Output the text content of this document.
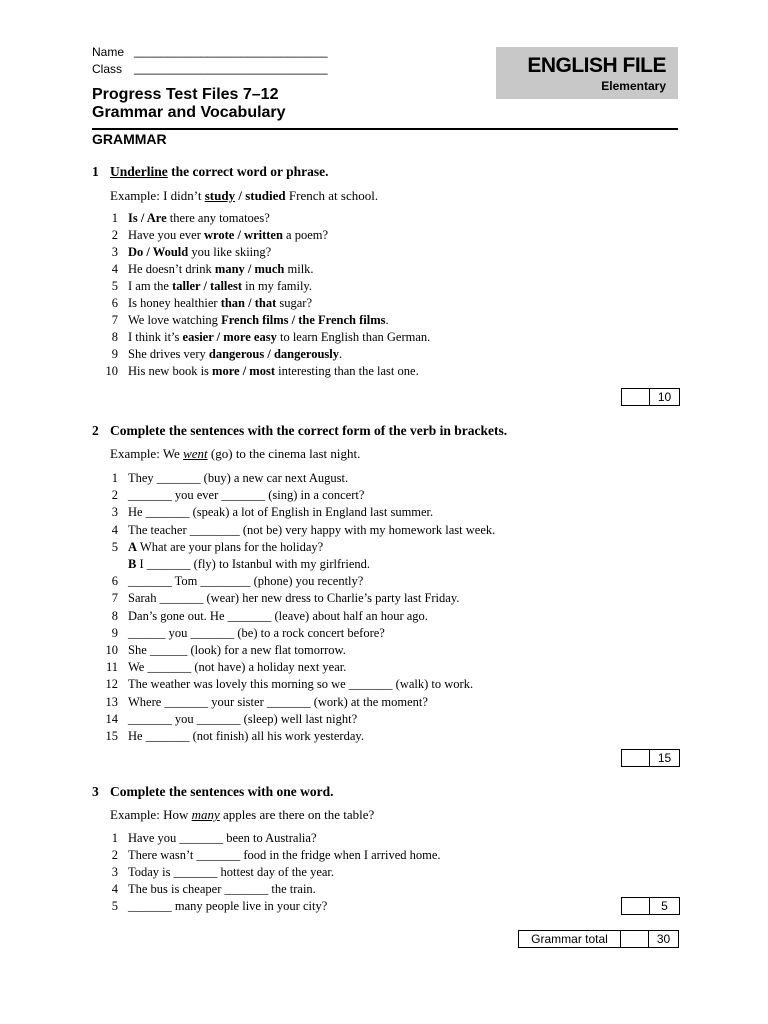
Name _____________________________
Class _____________________________	ENGLISH FILE
Elementary
Progress Test Files 7–12
Grammar and Vocabulary
GRAMMAR
1 Underline the correct word or phrase.
Example: I didn’t study / studied French at school.
1 Is / Are there any tomatoes?
2 Have you ever wrote / written a poem?
3 Do / Would you like skiing?
4 He doesn’t drink many / much milk.
5 I am the taller / tallest in my family.
6 Is honey healthier than / that sugar?
7 We love watching French films / the French films.
8 I think it’s easier / more easy to learn English than German.
9 She drives very dangerous / dangerously.
10 His new book is more / most interesting than the last one.
10
2 Complete the sentences with the correct form of the verb in brackets.
Example: We went (go) to the cinema last night.
1 They _______ (buy) a new car next August.
2 _______ you ever _______ (sing) in a concert?
3 He _______ (speak) a lot of English in England last summer.
4 The teacher ________ (not be) very happy with my homework last week.
5 A What are your plans for the holiday?
B I _______ (fly) to Istanbul with my girlfriend.
6 _______ Tom ________ (phone) you recently?
7 Sarah _______ (wear) her new dress to Charlie’s party last Friday.
8 Dan’s gone out. He _______ (leave) about half an hour ago.
9 ______ you _______ (be) to a rock concert before?
10 She ______ (look) for a new flat tomorrow.
11 We _______ (not have) a holiday next year.
12 The weather was lovely this morning so we _______ (walk) to work.
13 Where _______ your sister _______ (work) at the moment?
14 _______ you _______ (sleep) well last night?
15 He _______ (not finish) all his work yesterday.
15
3 Complete the sentences with one word.
Example: How many apples are there on the table?
1 Have you _______ been to Australia?
2 There wasn’t _______ food in the fridge when I arrived home.
3 Today is _______ hottest day of the year.
4 The bus is cheaper _______ the train.
5 _______ many people live in your city?	5
Grammar total	30
